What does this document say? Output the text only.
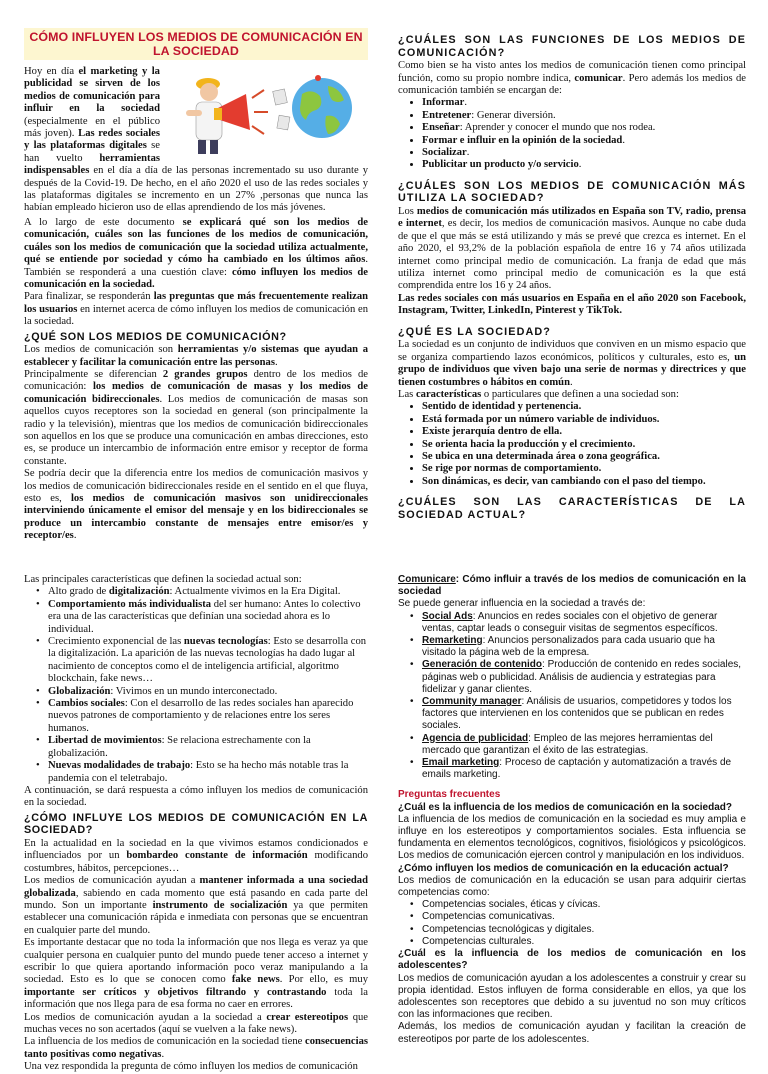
CÓMO INFLUYEN LOS MEDIOS DE COMUNICACIÓN EN LA SOCIEDAD

Hoy en día el marketing y la publicidad se sirven de los medios de comunicación para influir en la sociedad (especialmente en el público más joven). Las redes sociales y las plataformas digitales se han vuelto herramientas indispensables en el día a día de las personas incrementado su uso durante y después de la Covid-19. De hecho, en el año 2020 el uso de las redes sociales y las plataformas digitales se incremento en un 27% ,personas que nunca las habían empleado hicieron uso de ellas aprendiendo de los más jóvenes.

A lo largo de este documento se explicará qué son los medios de comunicación, cuáles son las funciones de los medios de comunicación, cuáles son los medios de comunicación que la sociedad utiliza actualmente, qué se entiende por sociedad y cómo ha cambiado en los últimos años. También se responderá a una cuestión clave: cómo influyen los medios de comunicación en la sociedad.

Para finalizar, se responderán las preguntas que más frecuentemente realizan los usuarios en internet acerca de cómo influyen los medios de comunicación en la sociedad.

¿QUÉ SON LOS MEDIOS DE COMUNICACIÓN?

Los medios de comunicación son herramientas y/o sistemas que ayudan a establecer y facilitar la comunicación entre las personas.

Principalmente se diferencian 2 grandes grupos dentro de los medios de comunicación: los medios de comunicación de masas y los medios de comunicación bidireccionales. Los medios de comunicación de masas son aquellos cuyos receptores son la sociedad en general (son principalmente la radio y la televisión), mientras que los medios de comunicación bidireccionales son aquellos en los que se produce una comunicación en ambas direcciones, esto es, se produce un intercambio de información entre emisor y receptor de forma constante.

Se podría decir que la diferencia entre los medios de comunicación masivos y los medios de comunicación bidireccionales reside en el sentido en el que fluya, esto es, los medios de comunicación masivos son unidireccionales interviniendo únicamente el emisor del mensaje y en los bidireccionales se produce un intercambio constante de mensajes entre emisor/es y receptor/es.

¿CUÁLES SON LAS FUNCIONES DE LOS MEDIOS DE COMUNICACIÓN?

Como bien se ha visto antes los medios de comunicación tienen como principal función, como su propio nombre indica, comunicar. Pero además los medios de comunicación también se encargan de:

• Informar.
• Entretener: Generar diversión.
• Enseñar: Aprender y conocer el mundo que nos rodea.
• Formar e influir en la opinión de la sociedad.
• Socializar.
• Publicitar un producto y/o servicio.
¿CUÁLES SON LOS MEDIOS DE COMUNICACIÓN MÁS UTILIZA LA SOCIEDAD?

Los medios de comunicación más utilizados en España son TV, radio, prensa e internet, es decir, los medios de comunicación masivos. Aunque no cabe duda de que el que más se está utilizando y más se prevé que crezca es internet. En el año 2020, el 93,2% de la población española de entre 16 y 74 años utilizada internet como principal medio de comunicación. La franja de edad que más utiliza internet como principal medio de comunicación es la que está comprendida entre los 16 y 24 años.

Las redes sociales con más usuarios en España en el año 2020 son Facebook, Instagram, Twitter, LinkedIn, Pinterest y TikTok.

¿QUÉ ES LA SOCIEDAD?

La sociedad es un conjunto de individuos que conviven en un mismo espacio que se organiza compartiendo lazos económicos, políticos y culturales, esto es, un grupo de individuos que viven bajo una serie de normas y directrices y que tienen costumbres o hábitos en común.

Las características o particulares que definen a una sociedad son:

• Sentido de identidad y pertenencia.
• Está formada por un número variable de individuos.
• Existe jerarquía dentro de ella.
• Se orienta hacia la producción y el crecimiento.
• Se ubica en una determinada área o zona geográfica.
• Se rige por normas de comportamiento.
• Son dinámicas, es decir, van cambiando con el paso del tiempo.
¿CUÁLES SON LAS CARACTERÍSTICAS DE LA SOCIEDAD ACTUAL?

Las principales características que definen la sociedad actual son:

• Alto grado de digitalización: Actualmente vivimos en la Era Digital.
• Comportamiento más individualista del ser humano: Antes lo colectivo era una de las características que definían una sociedad ahora es lo individual.
• Crecimiento exponencial de las nuevas tecnologías: Esto se desarrolla con la digitalización. La aparición de las nuevas tecnologías ha dado lugar al nacimiento de conceptos como el de inteligencia artificial, algoritmo blockchain, fake news…
• Globalización: Vivimos en un mundo interconectado.
• Cambios sociales: Con el desarrollo de las redes sociales han aparecido nuevos patrones de comportamiento y de relaciones entre los seres humanos.
• Libertad de movimientos: Se relaciona estrechamente con la globalización.
• Nuevas modalidades de trabajo: Esto se ha hecho más notable tras la pandemia con el teletrabajo.

A continuación, se dará respuesta a cómo influyen los medios de comunicación en la sociedad.

¿CÓMO INFLUYE LOS MEDIOS DE COMUNICACIÓN EN LA SOCIEDAD?

En la actualidad en la sociedad en la que vivimos estamos condicionados e influenciados por un bombardeo constante de información modificando costumbres, hábitos, percepciones…

Los medios de comunicación ayudan a mantener informada a una sociedad globalizada, sabiendo en cada momento que está pasando en cada parte del mundo. Son un importante instrumento de socialización ya que permiten establecer una comunicación rápida e inmediata con personas que se encuentran en cualquier parte del mundo.

Es importante destacar que no toda la información que nos llega es veraz ya que cualquier persona en cualquier punto del mundo puede tener acceso a internet y escribir lo que quiera aportando información poco veraz manipulando a la sociedad. Esto es lo que se conocen como fake news. Por ello, es muy importante ser críticos y objetivos filtrando y contrastando toda la información que nos llega para de esa forma no caer en errores.

Los medios de comunicación ayudan a la sociedad a crear estereotipos que muchas veces no son acertados (aquí se vuelven a la fake news).

La influencia de los medios de comunicación en la sociedad tiene consecuencias tanto positivas como negativas.

Una vez respondida la pregunta de cómo influyen los medios de comunicación

Comunicare: Cómo influir a través de los medios de comunicación en la sociedad

Se puede generar influencia en la sociedad a través de:

• Social Ads: Anuncios en redes sociales con el objetivo de generar ventas, captar leads o conseguir visitas de segmentos específicos.
• Remarketing: Anuncios personalizados para cada usuario que ha visitado la página web de la empresa.
• Generación de contenido: Producción de contenido en redes sociales, páginas web o publicidad. Análisis de audiencia y estrategias para fidelizar y ganar clientes.
• Community manager: Análisis de usuarios, competidores y todos los factores que intervienen en los contenidos que se publican en redes sociales.
• Agencia de publicidad: Empleo de las mejores herramientas del mercado que garantizan el éxito de las estrategias.
• Email marketing: Proceso de captación y automatización a través de emails marketing.

Preguntas frecuentes

¿Cuál es la influencia de los medios de comunicación en la sociedad?

La influencia de los medios de comunicación en la sociedad es muy amplia e influye en los estereotipos y comportamientos sociales. Esta influencia se fundamenta en elementos tecnológicos, cognitivos, fisiológicos y psicológicos. Los medios de comunicación ejercen control y manipulación en los individuos.

¿Cómo influyen los medios de comunicación en la educación actual?

Los medios de comunicación en la educación se usan para adquirir ciertas competencias como:

• Competencias sociales, éticas y cívicas.
• Competencias comunicativas.
• Competencias tecnológicas y digitales.
• Competencias culturales.

¿Cuál es la influencia de los medios de comunicación en los adolescentes?

Los medios de comunicación ayudan a los adolescentes a construir y crear su propia identidad. Estos influyen de forma considerable en ellos, ya que los adolescentes son receptores que debido a su juventud no son muy críticos con las informaciones que reciben.

Además, los medios de comunicación ayudan y facilitan la creación de estereotipos por parte de los adolescentes.
